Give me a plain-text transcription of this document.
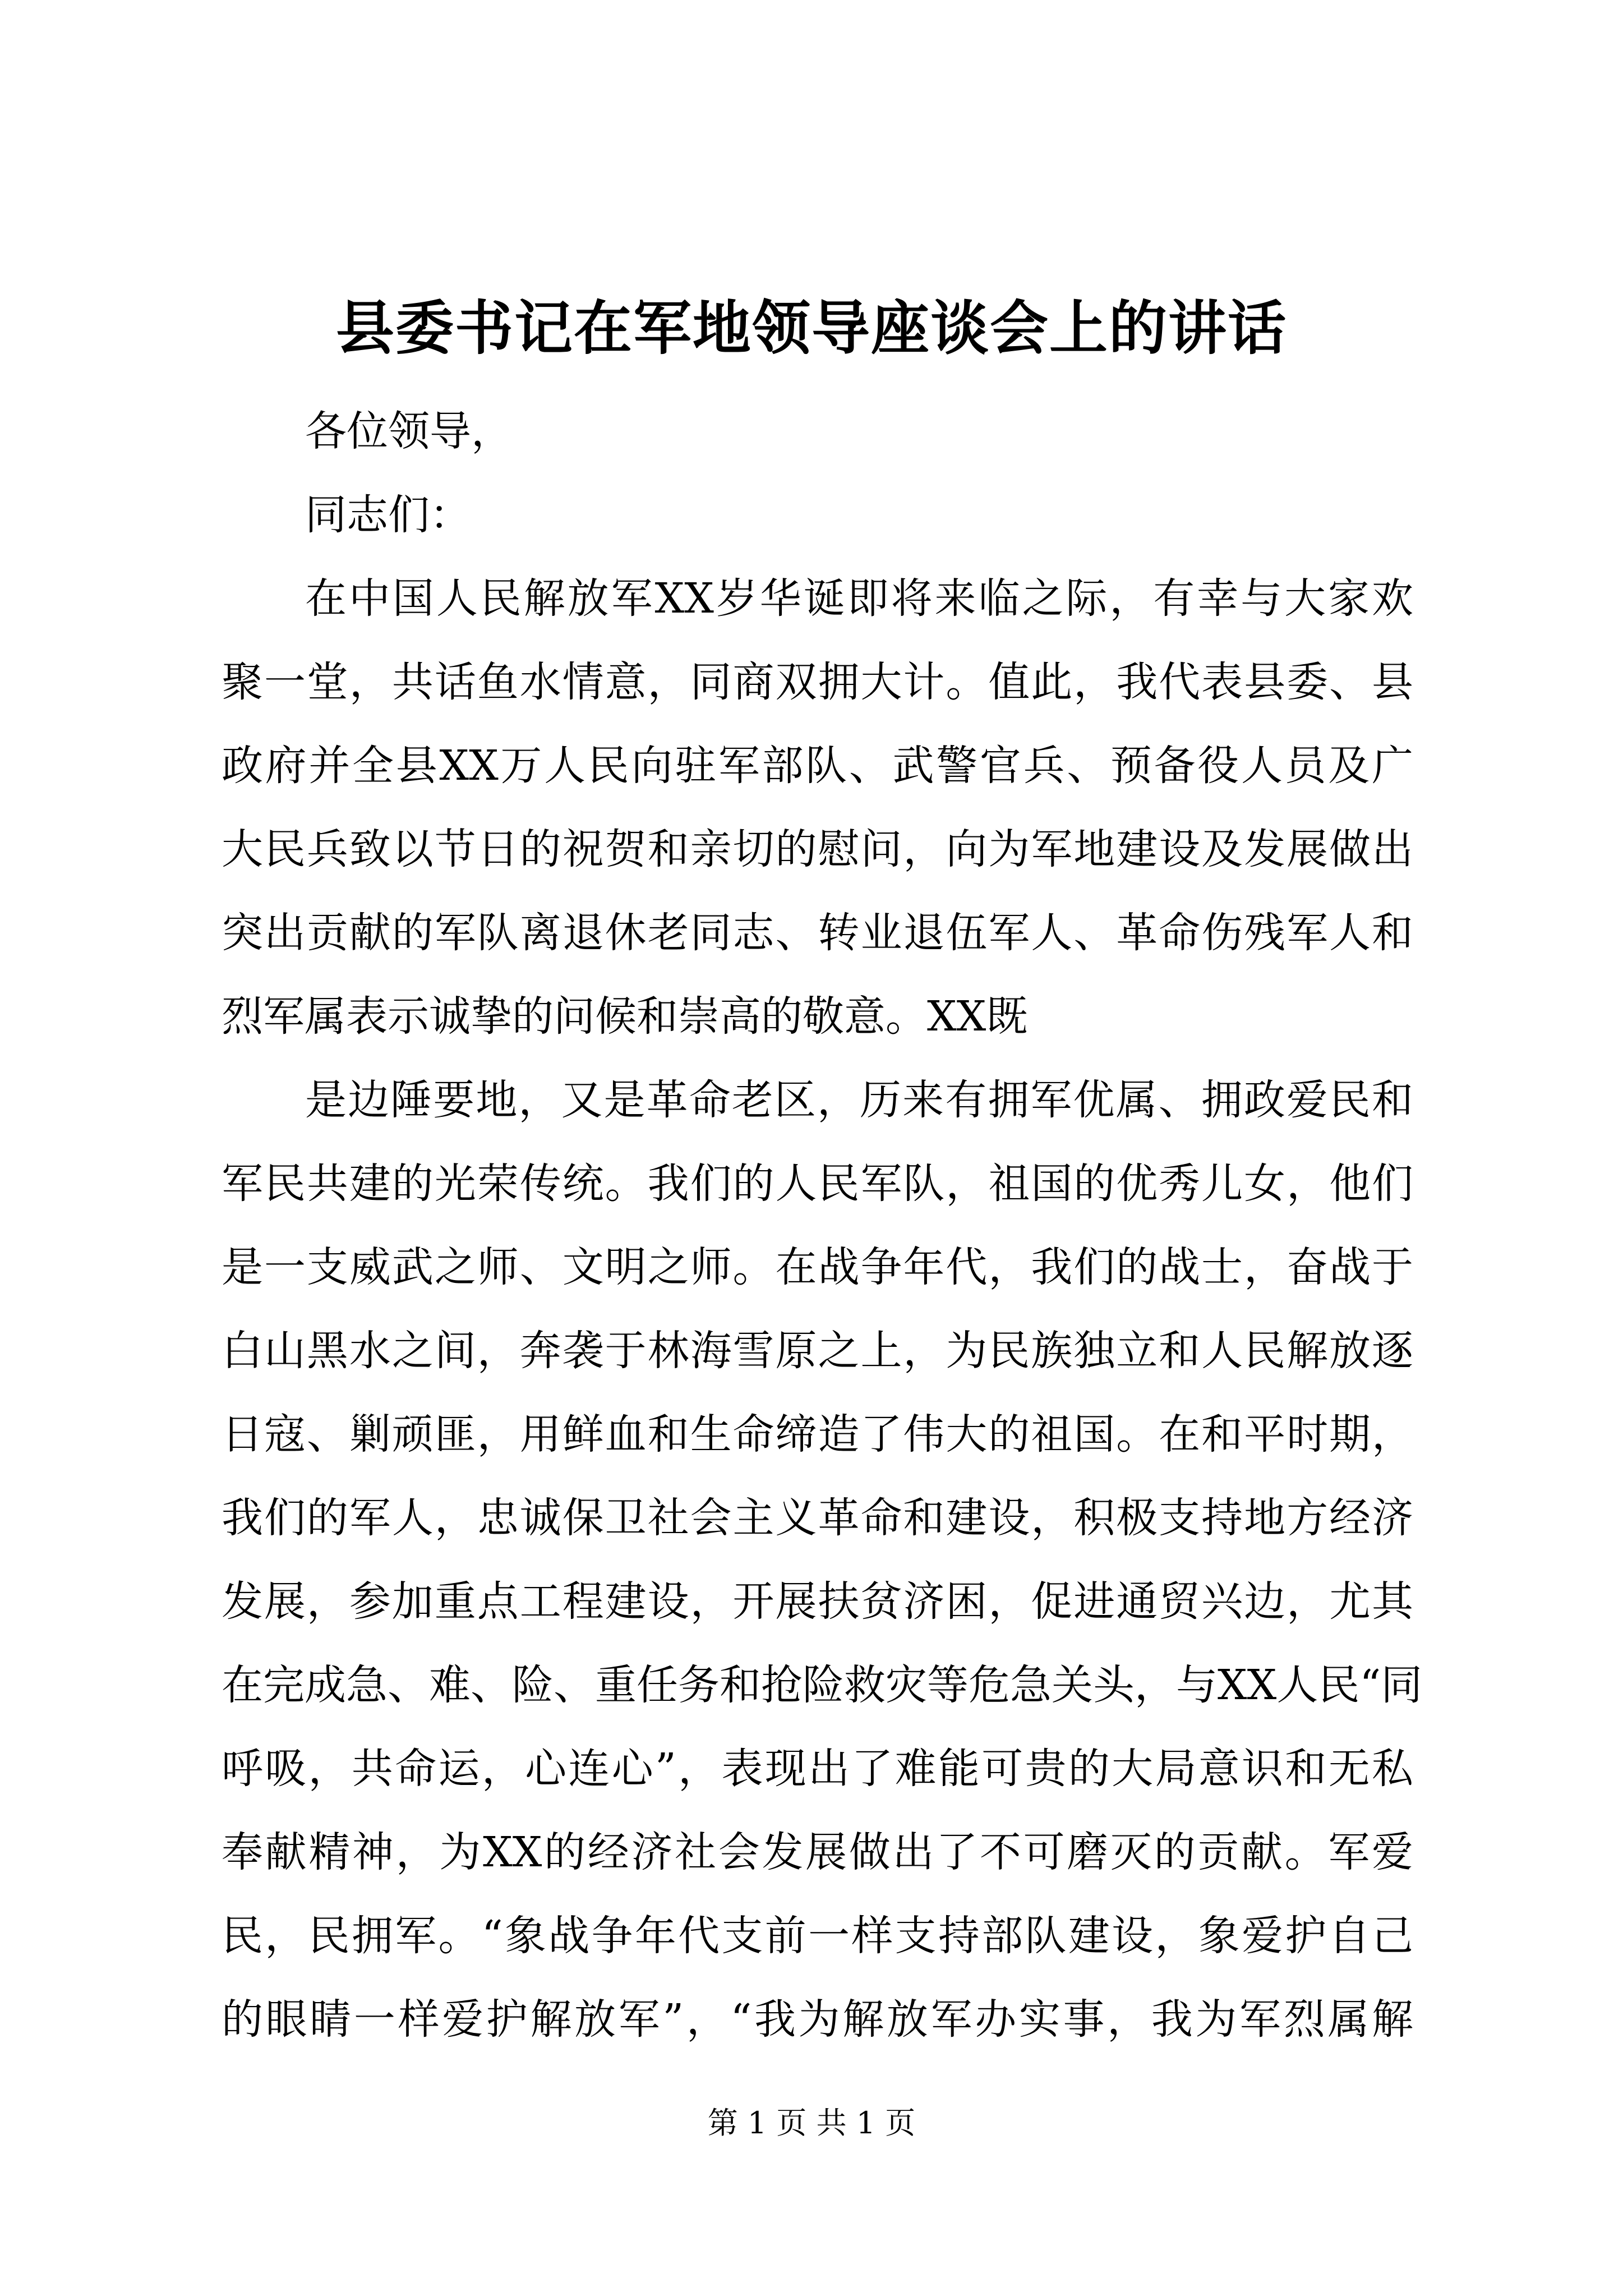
县委书记在军地领导座谈会上的讲话
各位领导，
同志们：
在中国人民解放军XX岁华诞即将来临之际，有幸与大家欢
聚一堂，共话鱼水情意，同商双拥大计。值此，我代表县委、县
政府并全县XX万人民向驻军部队、武警官兵、预备役人员及广
大民兵致以节日的祝贺和亲切的慰问，向为军地建设及发展做出
突出贡献的军队离退休老同志、转业退伍军人、革命伤残军人和
烈军属表示诚挚的问候和崇高的敬意。XX既
是边陲要地，又是革命老区，历来有拥军优属、拥政爱民和
军民共建的光荣传统。我们的人民军队，祖国的优秀儿女，他们
是一支威武之师、文明之师。在战争年代，我们的战士，奋战于
白山黑水之间，奔袭于林海雪原之上，为民族独立和人民解放逐
日寇、剿顽匪，用鲜血和生命缔造了伟大的祖国。在和平时期，
我们的军人，忠诚保卫社会主义革命和建设，积极支持地方经济
发展，参加重点工程建设，开展扶贫济困，促进通贸兴边，尤其
在完成急、难、险、重任务和抢险救灾等危急关头，与XX人民“同
呼吸，共命运，心连心”，表现出了难能可贵的大局意识和无私
奉献精神，为XX的经济社会发展做出了不可磨灭的贡献。军爱
民，民拥军。“象战争年代支前一样支持部队建设，象爱护自己
的眼睛一样爱护解放军”，“我为解放军办实事，我为军烈属解
第 1 页 共 1 页
